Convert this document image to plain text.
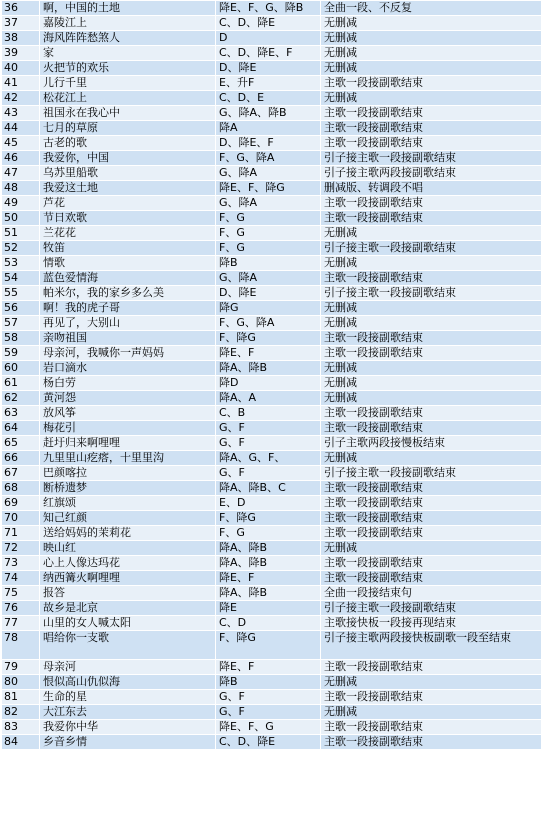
36	啊，中国的土地	降E、F、G、降B	全曲一段、不反复
37	嘉陵江上	C、D、降E	无删减
38	海风阵阵愁煞人	D	无删减
39	家	C、D、降E、F	无删减
40	火把节的欢乐	D、降E	无删减
41	儿行千里	E、升F	主歌一段接副歌结束
42	松花江上	C、D、E	无删减
43	祖国永在我心中	G、降A、降B	主歌一段接副歌结束
44	七月的草原	降A	主歌一段接副歌结束
45	古老的歌	D、降E、F	主歌一段接副歌结束
46	我爱你，中国	F、G、降A	引子接主歌一段接副歌结束
47	乌苏里船歌	G、降A	引子接主歌两段接副歌结束
48	我爱这土地	降E、F、降G	删减版、转调段不唱
49	芦花	G、降A	主歌一段接副歌结束
50	节日欢歌	F、G	主歌一段接副歌结束
51	兰花花	F、G	无删减
52	牧笛	F、G	引子接主歌一段接副歌结束
53	情歌	降B	无删减
54	蓝色爱情海	G、降A	主歌一段接副歌结束
55	帕米尔，我的家乡多么美	D、降E	引子接主歌一段接副歌结束
56	啊！我的虎子哥	降G	无删减
57	再见了，大别山	F、G、降A	无删减
58	亲吻祖国	F、降G	主歌一段接副歌结束
59	母亲河，我喊你一声妈妈	降E、F	主歌一段接副歌结束
60	岩口滴水	降A、降B	无删减
61	杨白劳	降D	无删减
62	黄河怨	降A、A	无删减
63	放风筝	C、B	主歌一段接副歌结束
64	梅花引	G、F	主歌一段接副歌结束
65	赶圩归来啊哩哩	G、F	引子主歌两段接慢板结束
66	九里里山疙瘩，十里里沟	降A、G、F、	无删减
67	巴颜喀拉	G、F	引子接主歌一段接副歌结束
68	断桥遗梦	降A、降B、C	主歌一段接副歌结束
69	红旗颂	E、D	主歌一段接副歌结束
70	知己红颜	F、降G	主歌一段接副歌结束
71	送给妈妈的茉莉花	F、G	主歌一段接副歌结束
72	映山红	降A、降B	无删减
73	心上人像达玛花	降A、降B	主歌一段接副歌结束
74	纳西篝火啊哩哩	降E、F	主歌一段接副歌结束
75	报答	降A、降B	全曲一段接结束句
76	故乡是北京	降E	引子接主歌一段接副歌结束
77	山里的女人喊太阳	C、D	主歌接快板一段接再现结束
78	唱给你一支歌	F、降G	引子接主歌两段接快板副歌一段至结束
79	母亲河	降E、F	主歌一段接副歌结束
80	恨似高山仇似海	降B	无删减
81	生命的星	G、F	主歌一段接副歌结束
82	大江东去	G、F	无删减
83	我爱你中华	降E、F、G	主歌一段接副歌结束
84	乡音乡情	C、D、降E	主歌一段接副歌结束
